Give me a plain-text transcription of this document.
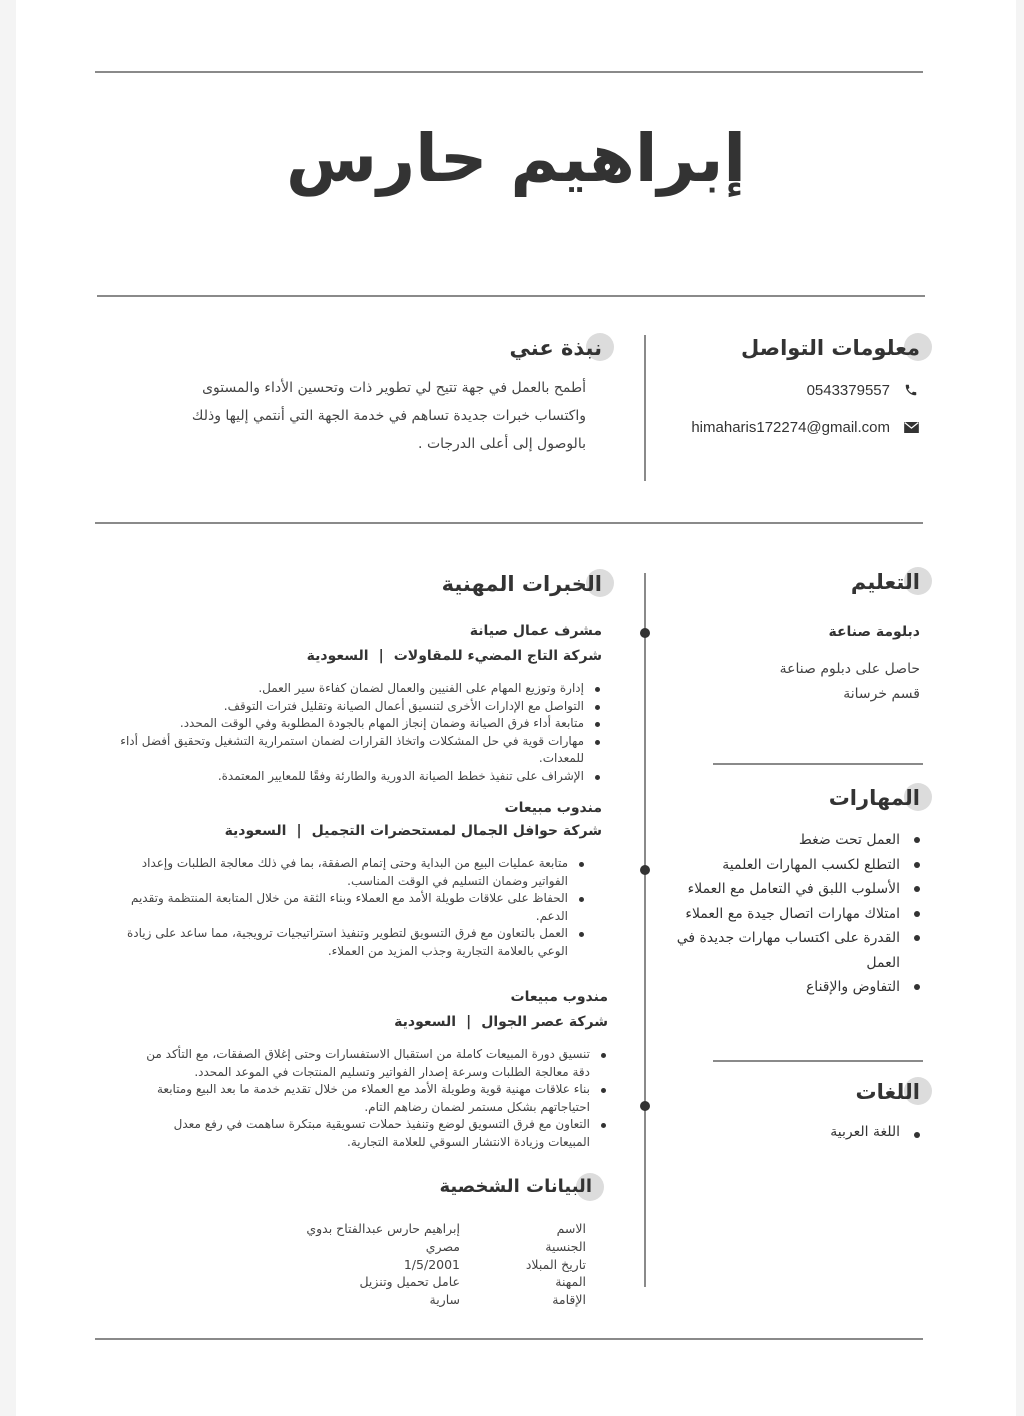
إبراهيم حارس
معلومات التواصل
0543379557
himaharis172274@gmail.com
نبذة عني
أطمح بالعمل في جهة تتيح لي تطوير ذات وتحسين الأداء والمستوى واكتساب خبرات جديدة تساهم في خدمة الجهة التي أنتمي إليها وذلك بالوصول إلى أعلى الدرجات .
التعليم
دبلومة صناعة
حاصل على دبلوم صناعة
قسم خرسانة
المهارات
العمل تحت ضغط
التطلع لكسب المهارات العلمية
الأسلوب اللبق في التعامل مع العملاء
امتلاك مهارات اتصال جيدة مع العملاء
القدرة على اكتساب مهارات جديدة في العمل
التفاوض والإقناع
اللغات
اللغة العربية
الخبرات المهنية
مشرف عمال صيانة
شركة التاج المضيء للمقاولات|السعودية
إدارة وتوزيع المهام على الفنيين والعمال لضمان كفاءة سير العمل.
التواصل مع الإدارات الأخرى لتنسيق أعمال الصيانة وتقليل فترات التوقف.
متابعة أداء فرق الصيانة وضمان إنجاز المهام بالجودة المطلوبة وفي الوقت المحدد.
مهارات قوية في حل المشكلات واتخاذ القرارات لضمان استمرارية التشغيل وتحقيق أفضل أداء للمعدات.
الإشراف على تنفيذ خطط الصيانة الدورية والطارئة وفقًا للمعايير المعتمدة.
مندوب مبيعات
شركة حوافل الجمال لمستحضرات التجميل|السعودية
متابعة عمليات البيع من البداية وحتى إتمام الصفقة، بما في ذلك معالجة الطلبات وإعداد الفواتير وضمان التسليم في الوقت المناسب.
الحفاظ على علاقات طويلة الأمد مع العملاء وبناء الثقة من خلال المتابعة المنتظمة وتقديم الدعم.
العمل بالتعاون مع فرق التسويق لتطوير وتنفيذ استراتيجيات ترويجية، مما ساعد على زيادة الوعي بالعلامة التجارية وجذب المزيد من العملاء.
مندوب مبيعات
شركة عصر الجوال|السعودية
تنسيق دورة المبيعات كاملة من استقبال الاستفسارات وحتى إغلاق الصفقات، مع التأكد من دقة معالجة الطلبات وسرعة إصدار الفواتير وتسليم المنتجات في الموعد المحدد.
بناء علاقات مهنية قوية وطويلة الأمد مع العملاء من خلال تقديم خدمة ما بعد البيع ومتابعة احتياجاتهم بشكل مستمر لضمان رضاهم التام.
التعاون مع فرق التسويق لوضع وتنفيذ حملات تسويقية مبتكرة ساهمت في رفع معدل المبيعات وزيادة الانتشار السوقي للعلامة التجارية.
البيانات الشخصية
الاسم	إبراهيم حارس عبدالفتاح بدوي
الجنسية	مصري
تاريخ المبلاد	1/5/2001
المهنة	عامل تحميل وتنزيل
الإقامة	سارية
